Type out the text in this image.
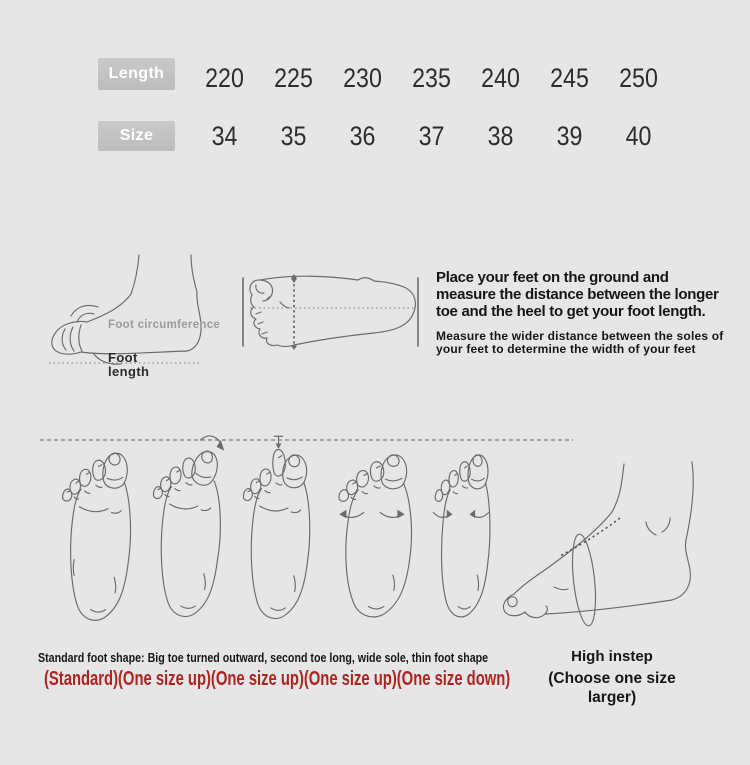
Length	220	225	230	235	240	245	250
Size	34	35	36	37	38	39	40
Foot circumference
Foot
length
Place your feet on the ground and
measure the distance between the longer
toe and the heel to get your foot length.
Measure the wider distance between the soles of
your feet to determine the width of your feet
Standard foot shape: Big toe turned outward, second toe long, wide sole, thin foot shape
(Standard)(One size up)(One size up)(One size up)(One size down)
High instep
(Choose one size
larger)
